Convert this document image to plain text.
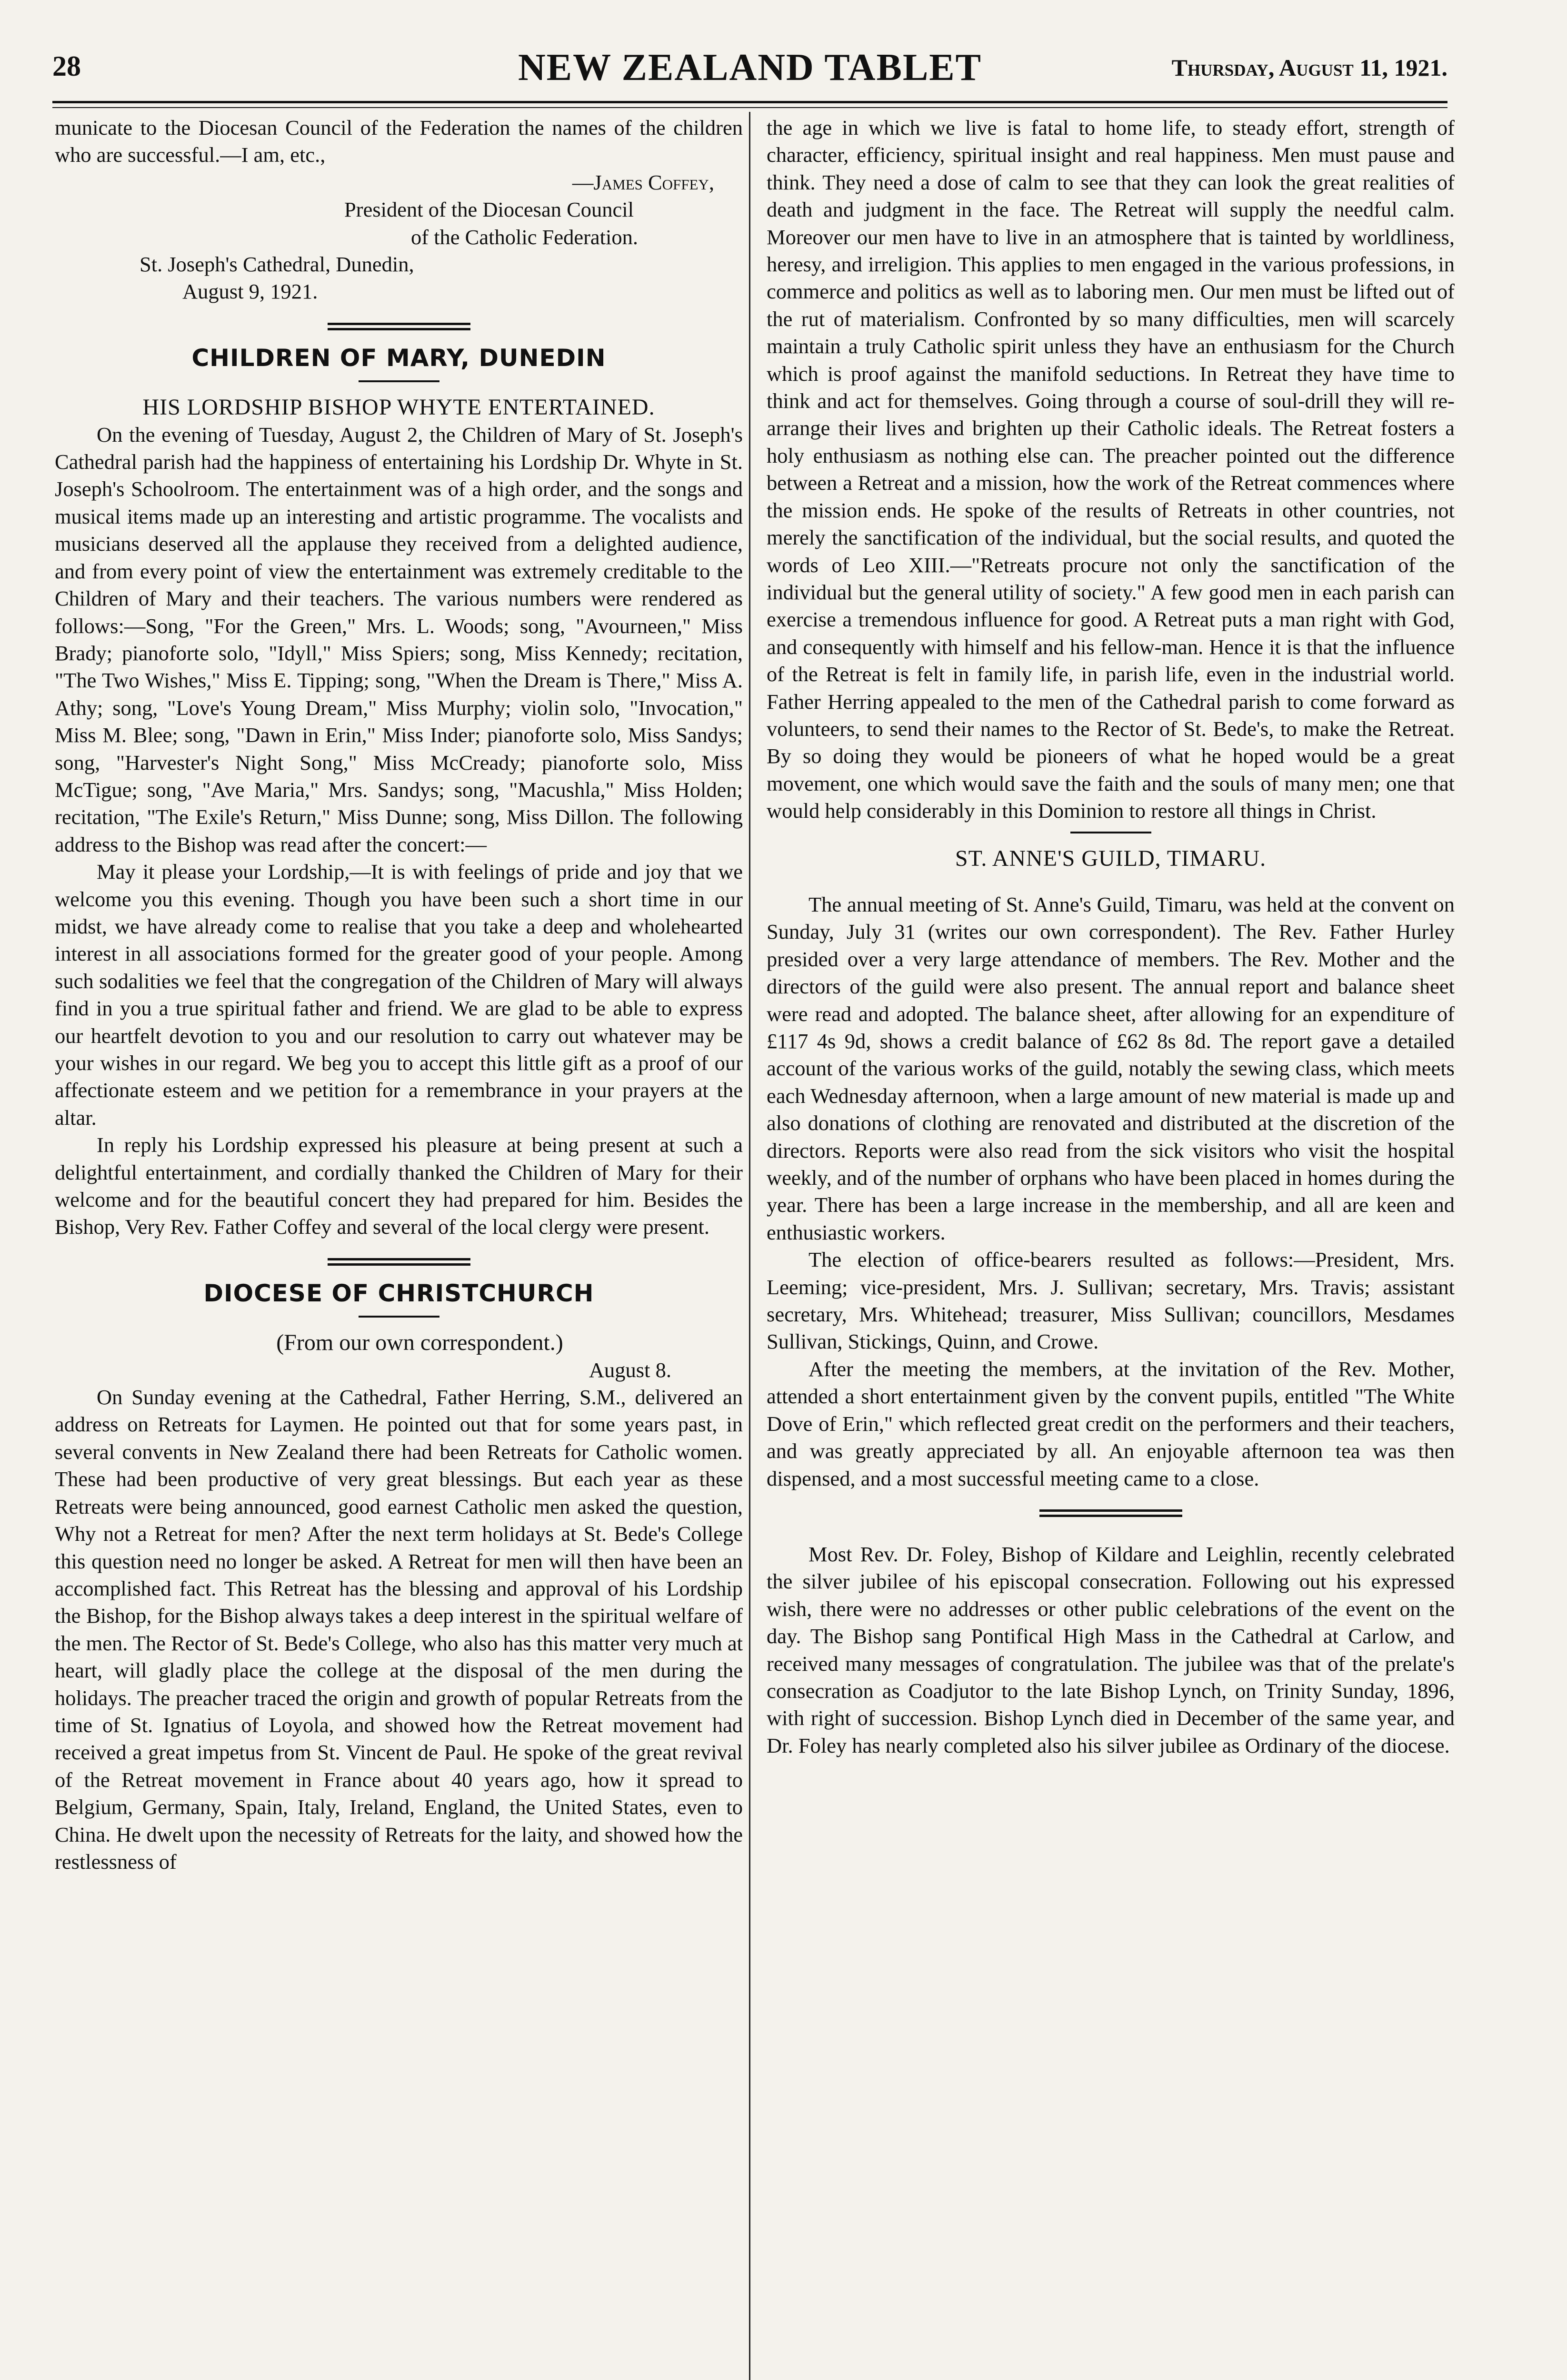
28	NEW ZEALAND TABLET	Thursday, August 11, 1921.

municate to the Diocesan Council of the Federation the names of the children who are successful.—I am, etc.,

—James Coffey,

President of the Diocesan Council

of the Catholic Federation.

St. Joseph's Cathedral, Dunedin,

August 9, 1921.

CHILDREN OF MARY, DUNEDIN
HIS LORDSHIP BISHOP WHYTE ENTERTAINED.

On the evening of Tuesday, August 2, the Children of Mary of St. Joseph's Cathedral parish had the happiness of entertaining his Lordship Dr. Whyte in St. Joseph's Schoolroom. The entertainment was of a high order, and the songs and musical items made up an interesting and artistic programme. The vocalists and musicians deserved all the applause they received from a delighted audience, and from every point of view the entertainment was extremely creditable to the Children of Mary and their teachers. The various numbers were rendered as follows:—Song, "For the Green," Mrs. L. Woods; song, "Avourneen," Miss Brady; pianoforte solo, "Idyll," Miss Spiers; song, Miss Kennedy; recitation, "The Two Wishes," Miss E. Tipping; song, "When the Dream is There," Miss A. Athy; song, "Love's Young Dream," Miss Murphy; violin solo, "Invocation," Miss M. Blee; song, "Dawn in Erin," Miss Inder; pianoforte solo, Miss Sandys; song, "Harvester's Night Song," Miss McCready; pianoforte solo, Miss McTigue; song, "Ave Maria," Mrs. Sandys; song, "Macushla," Miss Holden; recitation, "The Exile's Return," Miss Dunne; song, Miss Dillon. The following address to the Bishop was read after the concert:—

May it please your Lordship,—It is with feelings of pride and joy that we welcome you this evening. Though you have been such a short time in our midst, we have already come to realise that you take a deep and wholehearted interest in all associations formed for the greater good of your people. Among such sodalities we feel that the congregation of the Children of Mary will always find in you a true spiritual father and friend. We are glad to be able to express our heartfelt devotion to you and our resolution to carry out whatever may be your wishes in our regard. We beg you to accept this little gift as a proof of our affectionate esteem and we petition for a remembrance in your prayers at the altar.

In reply his Lordship expressed his pleasure at being present at such a delightful entertainment, and cordially thanked the Children of Mary for their welcome and for the beautiful concert they had prepared for him. Besides the Bishop, Very Rev. Father Coffey and several of the local clergy were present.

DIOCESE OF CHRISTCHURCH

(From our own correspondent.)

August 8.

On Sunday evening at the Cathedral, Father Herring, S.M., delivered an address on Retreats for Laymen. He pointed out that for some years past, in several convents in New Zealand there had been Retreats for Catholic women. These had been productive of very great blessings. But each year as these Retreats were being announced, good earnest Catholic men asked the question, Why not a Retreat for men? After the next term holidays at St. Bede's College this question need no longer be asked. A Retreat for men will then have been an accomplished fact. This Retreat has the blessing and approval of his Lordship the Bishop, for the Bishop always takes a deep interest in the spiritual welfare of the men. The Rector of St. Bede's College, who also has this matter very much at heart, will gladly place the college at the disposal of the men during the holidays. The preacher traced the origin and growth of popular Retreats from the time of St. Ignatius of Loyola, and showed how the Retreat movement had received a great impetus from St. Vincent de Paul. He spoke of the great revival of the Retreat movement in France about 40 years ago, how it spread to Belgium, Germany, Spain, Italy, Ireland, England, the United States, even to China. He dwelt upon the necessity of Retreats for the laity, and showed how the restlessness of

the age in which we live is fatal to home life, to steady effort, strength of character, efficiency, spiritual insight and real happiness. Men must pause and think. They need a dose of calm to see that they can look the great realities of death and judgment in the face. The Retreat will supply the needful calm. Moreover our men have to live in an atmosphere that is tainted by worldliness, heresy, and irreligion. This applies to men engaged in the various professions, in commerce and politics as well as to laboring men. Our men must be lifted out of the rut of materialism. Confronted by so many difficulties, men will scarcely maintain a truly Catholic spirit unless they have an enthusiasm for the Church which is proof against the manifold seductions. In Retreat they have time to think and act for themselves. Going through a course of soul-drill they will re-arrange their lives and brighten up their Catholic ideals. The Retreat fosters a holy enthusiasm as nothing else can. The preacher pointed out the difference between a Retreat and a mission, how the work of the Retreat commences where the mission ends. He spoke of the results of Retreats in other countries, not merely the sanctification of the individual, but the social results, and quoted the words of Leo XIII.—"Retreats procure not only the sanctification of the individual but the general utility of society." A few good men in each parish can exercise a tremendous influence for good. A Retreat puts a man right with God, and consequently with himself and his fellow-man. Hence it is that the influence of the Retreat is felt in family life, in parish life, even in the industrial world. Father Herring appealed to the men of the Cathedral parish to come forward as volunteers, to send their names to the Rector of St. Bede's, to make the Retreat. By so doing they would be pioneers of what he hoped would be a great movement, one which would save the faith and the souls of many men; one that would help considerably in this Dominion to restore all things in Christ.

ST. ANNE'S GUILD, TIMARU.

The annual meeting of St. Anne's Guild, Timaru, was held at the convent on Sunday, July 31 (writes our own correspondent). The Rev. Father Hurley presided over a very large attendance of members. The Rev. Mother and the directors of the guild were also present. The annual report and balance sheet were read and adopted. The balance sheet, after allowing for an expenditure of £117 4s 9d, shows a credit balance of £62 8s 8d. The report gave a detailed account of the various works of the guild, notably the sewing class, which meets each Wednesday afternoon, when a large amount of new material is made up and also donations of clothing are renovated and distributed at the discretion of the directors. Reports were also read from the sick visitors who visit the hospital weekly, and of the number of orphans who have been placed in homes during the year. There has been a large increase in the membership, and all are keen and enthusiastic workers.

The election of office-bearers resulted as follows:—President, Mrs. Leeming; vice-president, Mrs. J. Sullivan; secretary, Mrs. Travis; assistant secretary, Mrs. Whitehead; treasurer, Miss Sullivan; councillors, Mesdames Sullivan, Stickings, Quinn, and Crowe.

After the meeting the members, at the invitation of the Rev. Mother, attended a short entertainment given by the convent pupils, entitled "The White Dove of Erin," which reflected great credit on the performers and their teachers, and was greatly appreciated by all. An enjoyable afternoon tea was then dispensed, and a most successful meeting came to a close.

Most Rev. Dr. Foley, Bishop of Kildare and Leighlin, recently celebrated the silver jubilee of his episcopal consecration. Following out his expressed wish, there were no addresses or other public celebrations of the event on the day. The Bishop sang Pontifical High Mass in the Cathedral at Carlow, and received many messages of congratulation. The jubilee was that of the prelate's consecration as Coadjutor to the late Bishop Lynch, on Trinity Sunday, 1896, with right of succession. Bishop Lynch died in December of the same year, and Dr. Foley has nearly completed also his silver jubilee as Ordinary of the diocese.
